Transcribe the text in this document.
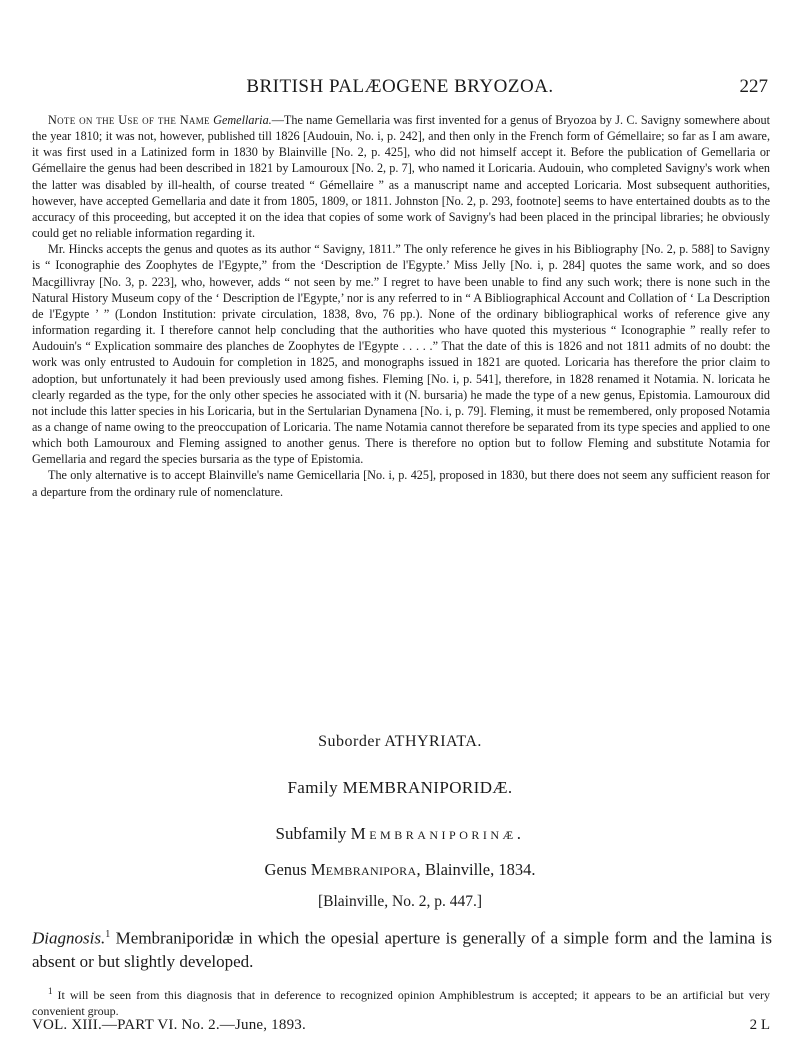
BRITISH PALÆOGENE BRYOZOA.	227

Note on the Use of the Name Gemellaria.—The name Gemellaria was first invented for a genus of Bryozoa by J. C. Savigny somewhere about the year 1810; it was not, however, published till 1826 [Audouin, No. i, p. 242], and then only in the French form of Gémellaire; so far as I am aware, it was first used in a Latinized form in 1830 by Blainville [No. 2, p. 425], who did not himself accept it. Before the publication of Gemellaria or Gémellaire the genus had been described in 1821 by Lamouroux [No. 2, p. 7], who named it Loricaria. Audouin, who completed Savigny's work when the latter was disabled by ill-health, of course treated “ Gémellaire ” as a manuscript name and accepted Loricaria. Most subsequent authorities, however, have accepted Gemellaria and date it from 1805, 1809, or 1811. Johnston [No. 2, p. 293, footnote] seems to have entertained doubts as to the accuracy of this proceeding, but accepted it on the idea that copies of some work of Savigny's had been placed in the principal libraries; he obviously could get no reliable information regarding it.

Mr. Hincks accepts the genus and quotes as its author “ Savigny, 1811.” The only reference he gives in his Bibliography [No. 2, p. 588] to Savigny is “ Iconographie des Zoophytes de l'Egypte,” from the ‘Description de l'Egypte.’ Miss Jelly [No. i, p. 284] quotes the same work, and so does Macgillivray [No. 3, p. 223], who, however, adds “ not seen by me.” I regret to have been unable to find any such work; there is none such in the Natural History Museum copy of the ‘ Description de l'Egypte,’ nor is any referred to in “ A Bibliographical Account and Collation of ‘ La Description de l'Egypte ’ ” (London Institution: private circulation, 1838, 8vo, 76 pp.). None of the ordinary bibliographical works of reference give any information regarding it. I therefore cannot help concluding that the authorities who have quoted this mysterious “ Iconographie ” really refer to Audouin's “ Explication sommaire des planches de Zoophytes de l'Egypte . . . . .” That the date of this is 1826 and not 1811 admits of no doubt: the work was only entrusted to Audouin for completion in 1825, and monographs issued in 1821 are quoted. Loricaria has therefore the prior claim to adoption, but unfortunately it had been previously used among fishes. Fleming [No. i, p. 541], therefore, in 1828 renamed it Notamia. N. loricata he clearly regarded as the type, for the only other species he associated with it (N. bursaria) he made the type of a new genus, Epistomia. Lamouroux did not include this latter species in his Loricaria, but in the Sertularian Dynamena [No. i, p. 79]. Fleming, it must be remembered, only proposed Notamia as a change of name owing to the preoccupation of Loricaria. The name Notamia cannot therefore be separated from its type species and applied to one which both Lamouroux and Fleming assigned to another genus. There is therefore no option but to follow Fleming and substitute Notamia for Gemellaria and regard the species bursaria as the type of Epistomia.

The only alternative is to accept Blainville's name Gemicellaria [No. i, p. 425], proposed in 1830, but there does not seem any sufficient reason for a departure from the ordinary rule of nomenclature.

Suborder ATHYRIATA.
Family MEMBRANIPORIDÆ.
Subfamily Membraniporinæ.
Genus Membranipora, Blainville, 1834.
[Blainville, No. 2, p. 447.]

Diagnosis.$^1$ Membraniporidæ in which the opesial aperture is generally of a simple form and the lamina is absent or but slightly developed.

$^1$ It will be seen from this diagnosis that in deference to recognized opinion Amphiblestrum is accepted; it appears to be an artificial but very convenient group.

VOL. XIII.—PART VI. No. 2.—June, 1893.	2 L
